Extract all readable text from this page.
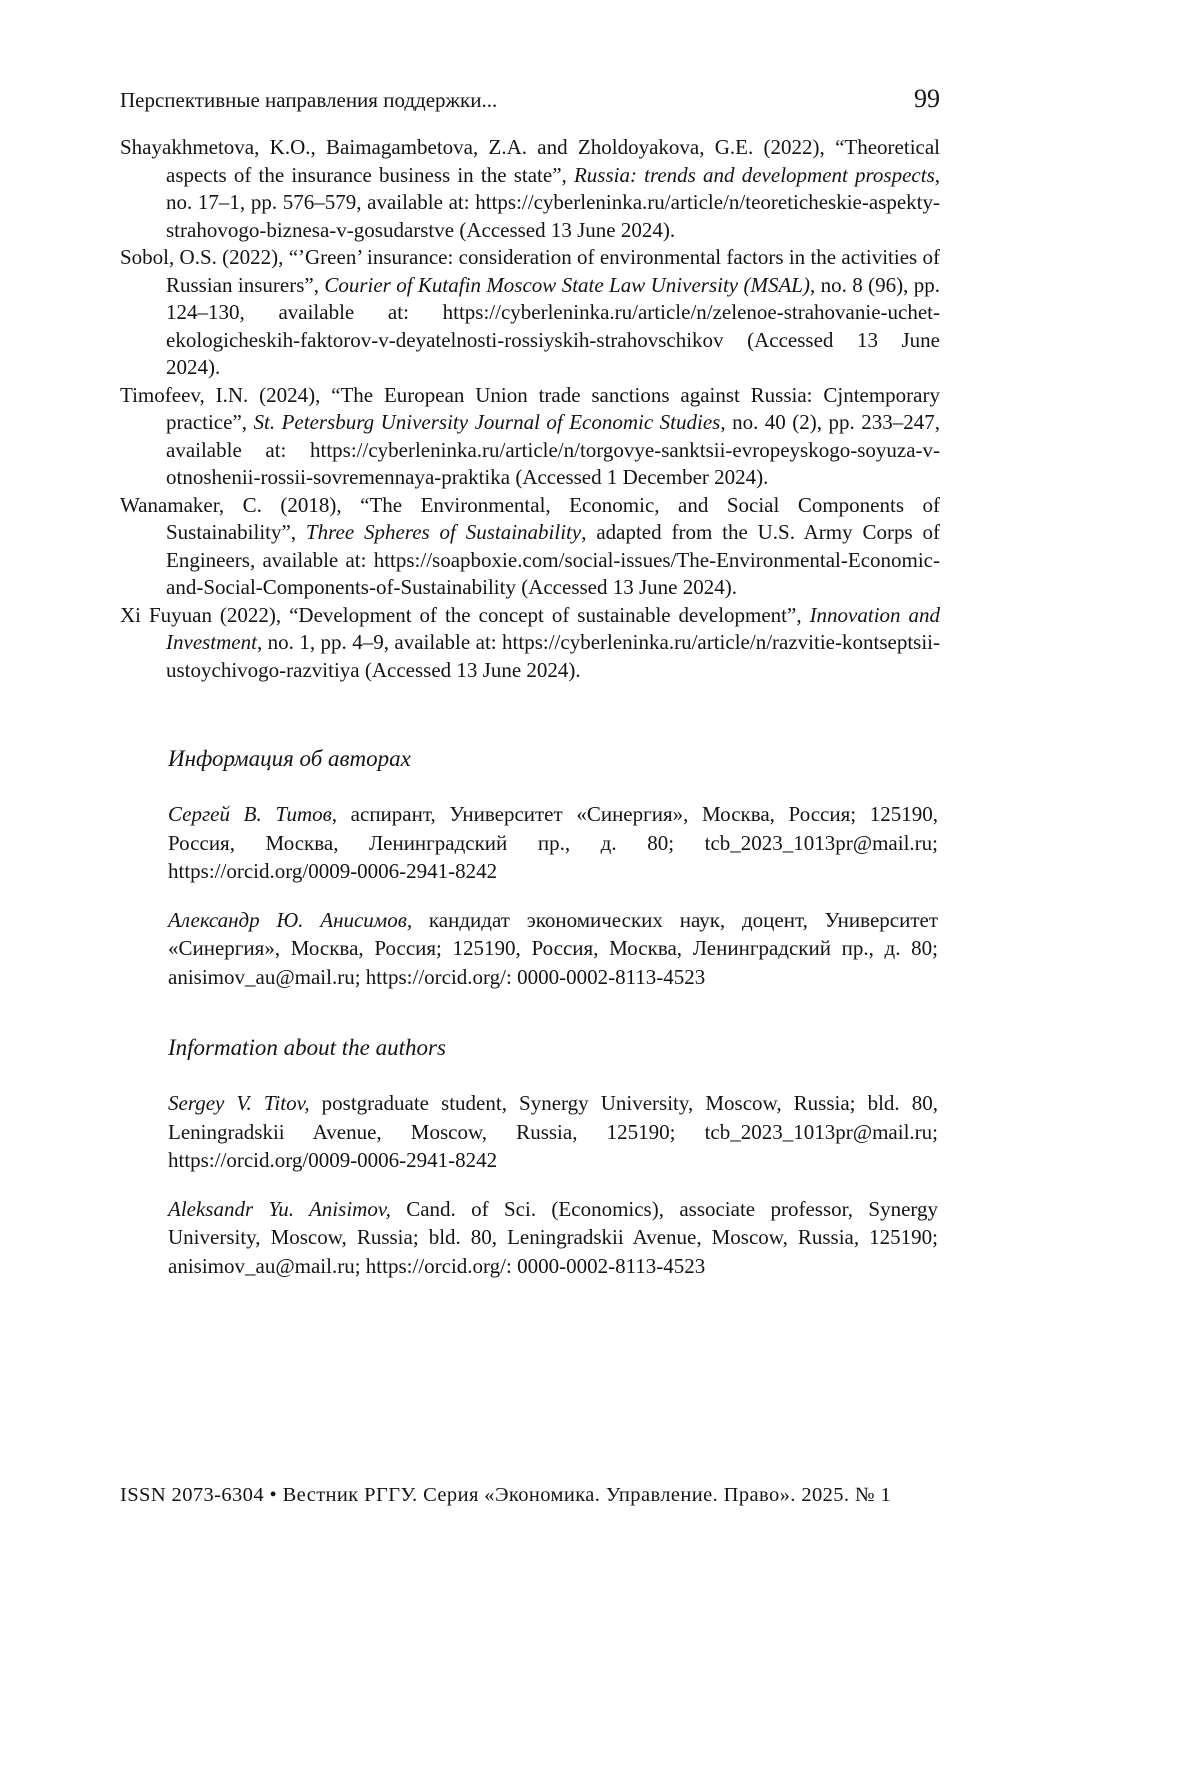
Перспективные направления поддержки...	99

Shayakhmetova, K.O., Baimagambetova, Z.A. and Zholdoyakova, G.E. (2022), “Theoretical aspects of the insurance business in the state”, Russia: trends and development prospects, no. 17–1, pp. 576–579, available at: https://cyberleninka.ru/article/n/teoreticheskie-aspekty-strahovogo-biznesa-v-gosudarstve (Accessed 13 June 2024).

Sobol, O.S. (2022), “’Green’ insurance: consideration of environmental factors in the activities of Russian insurers”, Courier of Kutafin Moscow State Law University (MSAL), no. 8 (96), pp. 124–130, available at: https://cyberleninka.ru/article/n/zelenoe-strahovanie-uchet-ekologicheskih-faktorov-v-deyatelnosti-rossiyskih-strahovschikov (Accessed 13 June 2024).

Timofeev, I.N. (2024), “The European Union trade sanctions against Russia: Cjntemporary practice”, St. Petersburg University Journal of Economic Studies, no. 40 (2), pp. 233–247, available at: https://cyberleninka.ru/article/n/torgovye-sanktsii-evropeyskogo-soyuza-v-otnoshenii-rossii-sovremennaya-praktika (Accessed 1 December 2024).

Wanamaker, C. (2018), “The Environmental, Economic, and Social Components of Sustainability”, Three Spheres of Sustainability, adapted from the U.S. Army Corps of Engineers, available at: https://soapboxie.com/social-issues/The-Environmental-Economic-and-Social-Components-of-Sustainability (Accessed 13 June 2024).

Xi Fuyuan (2022), “Development of the concept of sustainable development”, Innovation and Investment, no. 1, pp. 4–9, available at: https://cyberleninka.ru/article/n/razvitie-kontseptsii-ustoychivogo-razvitiya (Accessed 13 June 2024).

Информация об авторах

Сергей В. Титов, аспирант, Университет «Синергия», Москва, Россия; 125190, Россия, Москва, Ленинградский пр., д. 80; tcb_2023_1013pr@mail.ru; https://orcid.org/0009-0006-2941-8242

Александр Ю. Анисимов, кандидат экономических наук, доцент, Университет «Синергия», Москва, Россия; 125190, Россия, Москва, Ленинградский пр., д. 80; anisimov_au@mail.ru; https://orcid.org/: 0000-0002-8113-4523

Information about the authors

Sergey V. Titov, postgraduate student, Synergy University, Moscow, Russia; bld. 80, Leningradskii Avenue, Moscow, Russia, 125190; tcb_2023_1013pr@mail.ru; https://orcid.org/0009-0006-2941-8242

Aleksandr Yu. Anisimov, Cand. of Sci. (Economics), associate professor, Synergy University, Moscow, Russia; bld. 80, Leningradskii Avenue, Moscow, Russia, 125190; anisimov_au@mail.ru; https://orcid.org/: 0000-0002-8113-4523

ISSN 2073-6304 • Вестник РГГУ. Серия «Экономика. Управление. Право». 2025. № 1
